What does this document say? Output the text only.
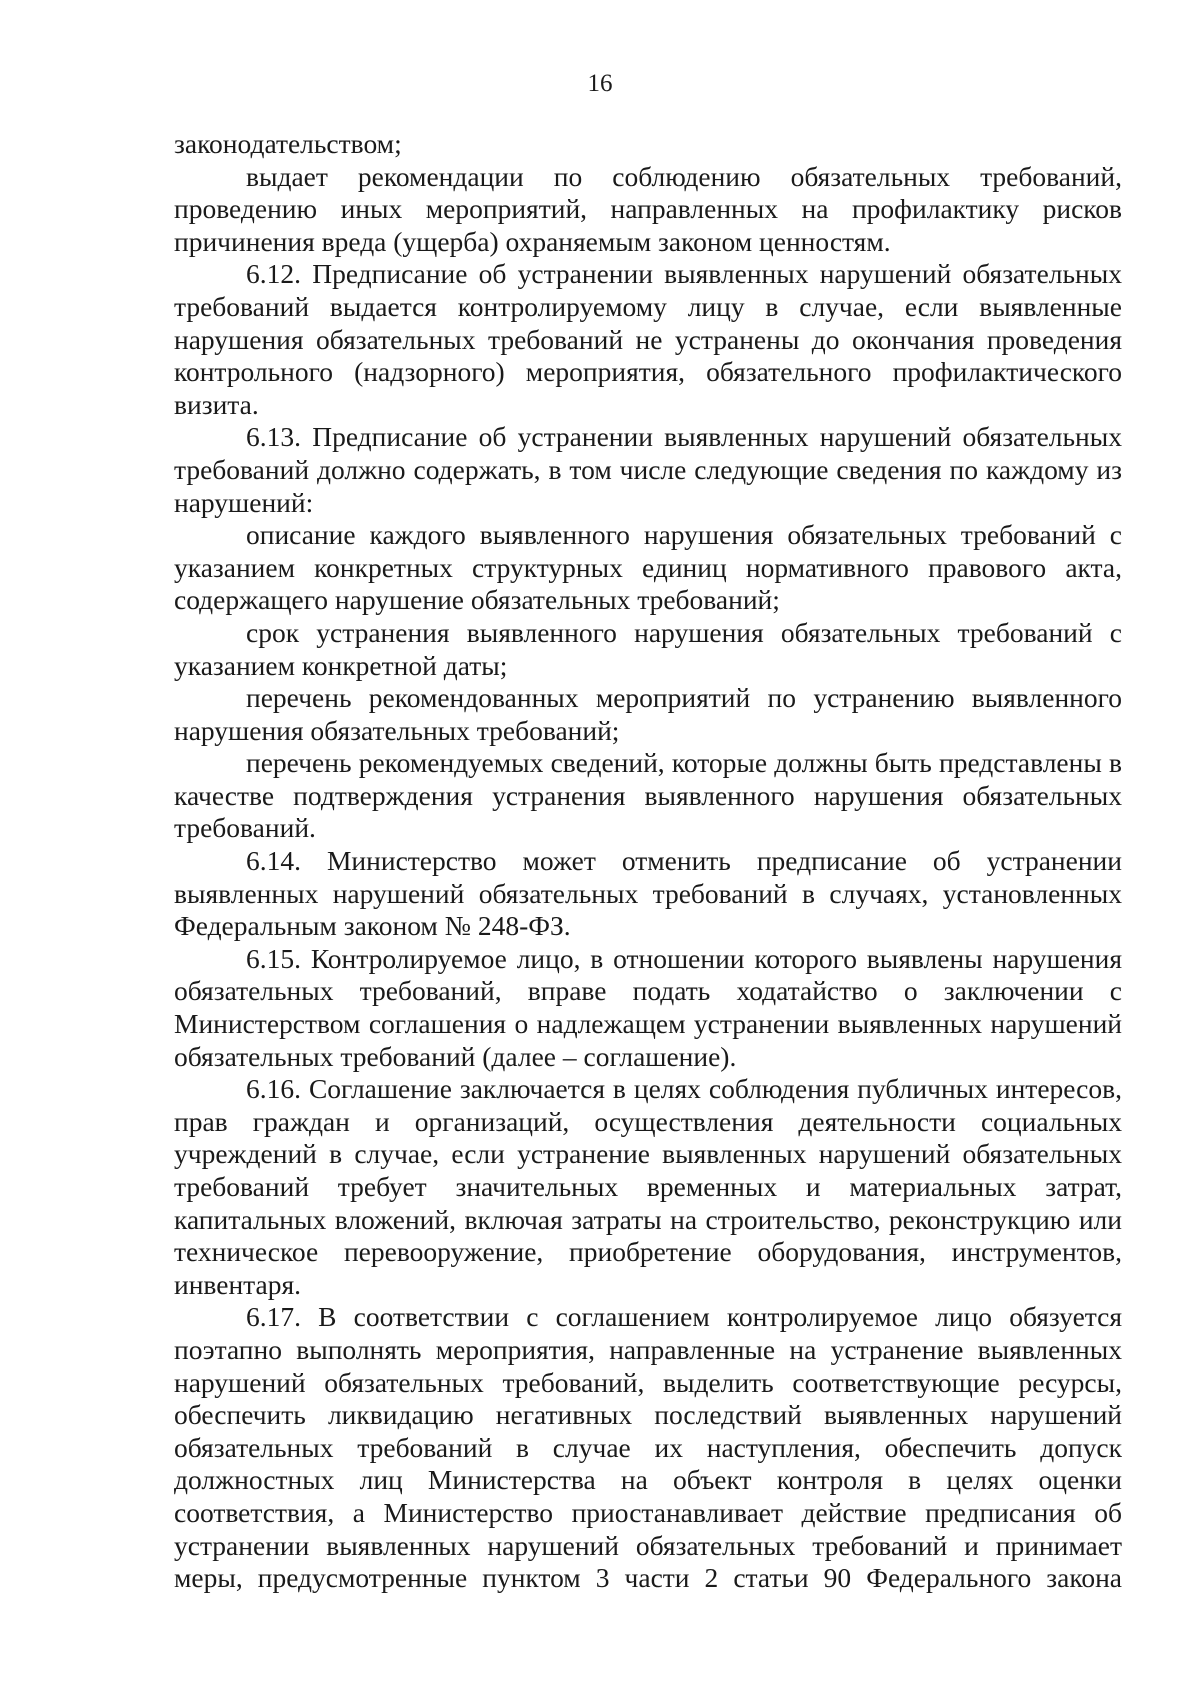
16

законодательством;

выдает рекомендации по соблюдению обязательных требований, проведению иных мероприятий, направленных на профилактику рисков причинения вреда (ущерба) охраняемым законом ценностям.

6.12. Предписание об устранении выявленных нарушений обязательных требований выдается контролируемому лицу в случае, если выявленные нарушения обязательных требований не устранены до окончания проведения контрольного (надзорного) мероприятия, обязательного профилактического визита.

6.13. Предписание об устранении выявленных нарушений обязательных требований должно содержать, в том числе следующие сведения по каждому из нарушений:

описание каждого выявленного нарушения обязательных требований с указанием конкретных структурных единиц нормативного правового акта, содержащего нарушение обязательных требований;

срок устранения выявленного нарушения обязательных требований с указанием конкретной даты;

перечень рекомендованных мероприятий по устранению выявленного нарушения обязательных требований;

перечень рекомендуемых сведений, которые должны быть представлены в качестве подтверждения устранения выявленного нарушения обязательных требований.

6.14. Министерство может отменить предписание об устранении выявленных нарушений обязательных требований в случаях, установленных Федеральным законом № 248-ФЗ.

6.15. Контролируемое лицо, в отношении которого выявлены нарушения обязательных требований, вправе подать ходатайство о заключении с Министерством соглашения о надлежащем устранении выявленных нарушений обязательных требований (далее – соглашение).

6.16. Соглашение заключается в целях соблюдения публичных интересов, прав граждан и организаций, осуществления деятельности социальных учреждений в случае, если устранение выявленных нарушений обязательных требований требует значительных временных и материальных затрат, капитальных вложений, включая затраты на строительство, реконструкцию или техническое перевооружение, приобретение оборудования, инструментов, инвентаря.

6.17. В соответствии с соглашением контролируемое лицо обязуется поэтапно выполнять мероприятия, направленные на устранение выявленных нарушений обязательных требований, выделить соответствующие ресурсы, обеспечить ликвидацию негативных последствий выявленных нарушений обязательных требований в случае их наступления, обеспечить допуск должностных лиц Министерства на объект контроля в целях оценки соответствия, а Министерство приостанавливает действие предписания об устранении выявленных нарушений обязательных требований и принимает меры, предусмотренные пунктом 3 части 2 статьи 90 Федерального закона
